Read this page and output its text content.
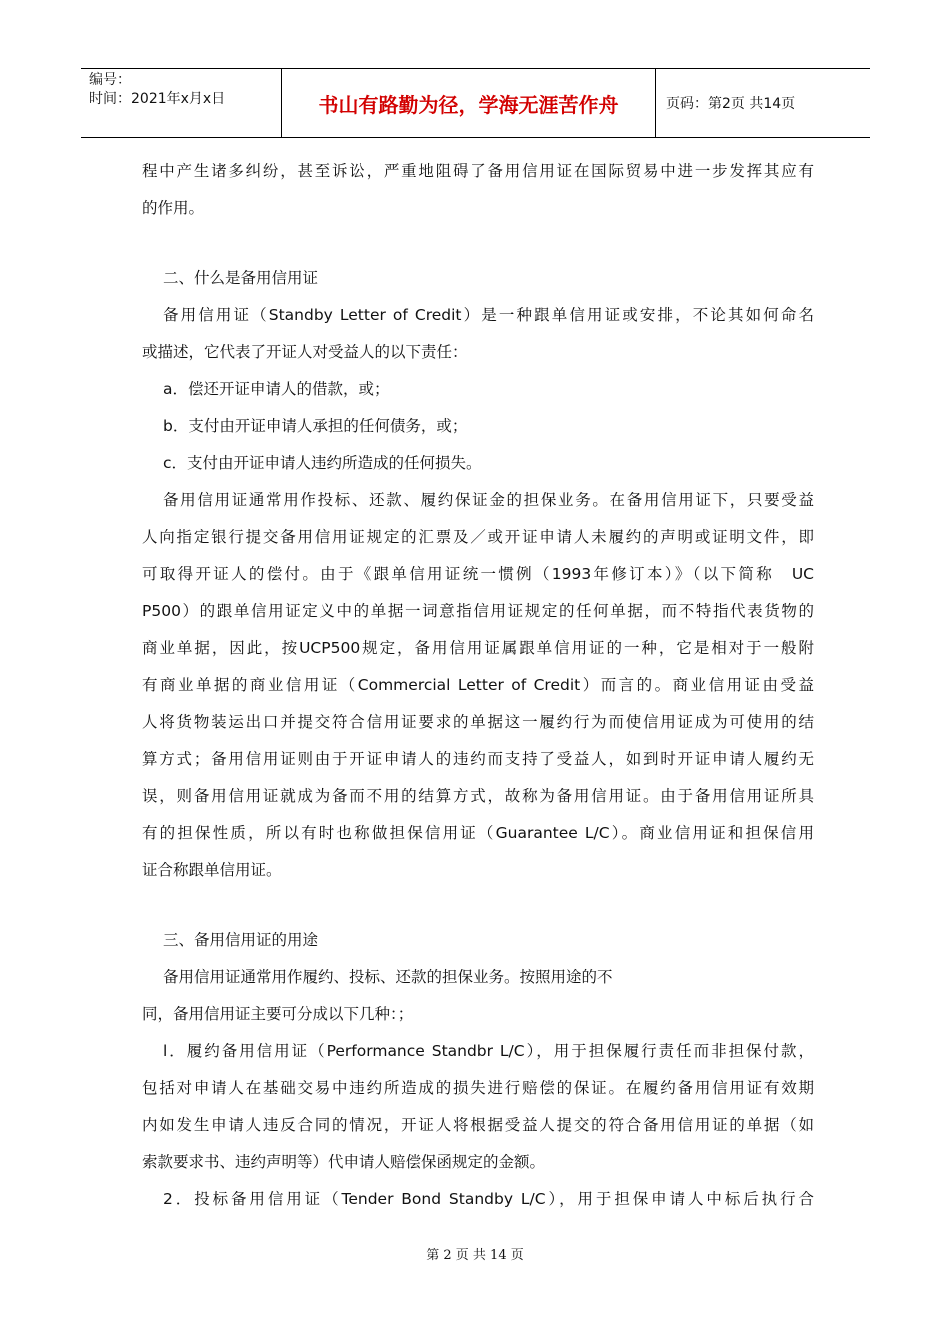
编号：
时间：2021年x月x日	书山有路勤为径，学海无涯苦作舟	页码：第2页 共14页
程中产生诸多纠纷，甚至诉讼，严重地阻碍了备用信用证在国际贸易中进一步发挥其应有
的作用。
二、什么是备用信用证
备用信用证（Standby Letter of Credit）是一种跟单信用证或安排，不论其如何命名
或描述，它代表了开证人对受益人的以下责任：
a．偿还开证申请人的借款，或；
b．支付由开证申请人承担的任何债务，或；
c．支付由开证申请人违约所造成的任何损失。
备用信用证通常用作投标、还款、履约保证金的担保业务。在备用信用证下，只要受益
人向指定银行提交备用信用证规定的汇票及／或开证申请人未履约的声明或证明文件，即
可取得开证人的偿付。由于《跟单信用证统一惯例（1993年修订本）》（以下简称　UC
P500）的跟单信用证定义中的单据一词意指信用证规定的任何单据，而不特指代表货物的
商业单据，因此，按UCP500规定，备用信用证属跟单信用证的一种，它是相对于一般附
有商业单据的商业信用证（Commercial Letter of Credit）而言的。商业信用证由受益
人将货物装运出口并提交符合信用证要求的单据这一履约行为而使信用证成为可使用的结
算方式；备用信用证则由于开证申请人的违约而支持了受益人，如到时开证申请人履约无
误，则备用信用证就成为备而不用的结算方式，故称为备用信用证。由于备用信用证所具
有的担保性质，所以有时也称做担保信用证（Guarantee L/C）。商业信用证和担保信用
证合称跟单信用证。
三、备用信用证的用途
备用信用证通常用作履约、投标、还款的担保业务。按照用途的不
同，备用信用证主要可分成以下几种：；
l．履约备用信用证（Performance Standbr L/C），用于担保履行责任而非担保付款，
包括对申请人在基础交易中违约所造成的损失进行赔偿的保证。在履约备用信用证有效期
内如发生申请人违反合同的情况，开证人将根据受益人提交的符合备用信用证的单据（如
索款要求书、违约声明等）代申请人赔偿保函规定的金额。
2．投标备用信用证（Tender Bond Standby L/C），用于担保申请人中标后执行合
第 2 页 共 14 页
